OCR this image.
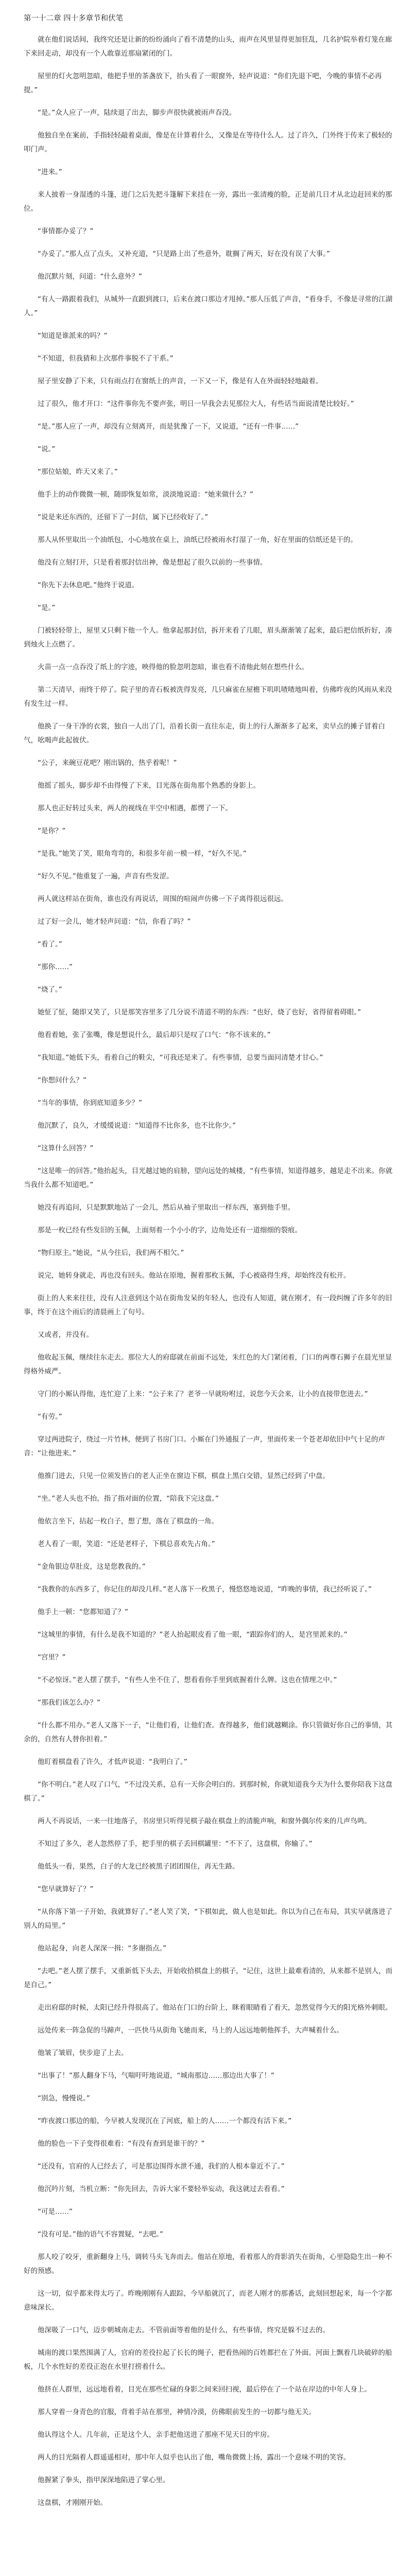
第一十二章 四十多章节和伏笔

就在他们说话间，我终究还是让新的纷纷涌向了看不清楚的山头，雨声在风里显得更加狂乱，几名护院举着灯笼在廊下来回走动，却没有一个人敢靠近那扇紧闭的门。

屋里的灯火忽明忽暗，他把手里的茶盏放下，抬头看了一眼窗外，轻声说道：“你们先退下吧，今晚的事情不必再提。”

“是。”众人应了一声，陆续退了出去，脚步声很快就被雨声吞没。

他独自坐在案前，手指轻轻敲着桌面，像是在计算着什么，又像是在等待什么人。过了许久，门外终于传来了极轻的叩门声。

“进来。”

来人披着一身湿透的斗篷，进门之后先把斗篷解下来挂在一旁，露出一张清瘦的脸，正是前几日才从北边赶回来的那位。

“事情都办妥了？”

“办妥了。”那人点了点头，又补充道，“只是路上出了些意外，耽搁了两天，好在没有误了大事。”

他沉默片刻，问道：“什么意外？”

“有人一路跟着我们，从城外一直跟到渡口，后来在渡口那边才甩掉。”那人压低了声音，“看身手，不像是寻常的江湖人。”

“知道是谁派来的吗？”

“不知道，但我猜和上次那件事脱不了干系。”

屋子里安静了下来，只有雨点打在窗纸上的声音，一下又一下，像是有人在外面轻轻地敲着。

过了很久，他才开口：“这件事你先不要声张，明日一早我会去见那位大人，有些话当面说清楚比较好。”

“是。”那人应了一声，却没有立刻离开，而是犹豫了一下，又说道，“还有一件事……”

“说。”

“那位姑娘，昨天又来了。”

他手上的动作微微一顿，随即恢复如常，淡淡地说道：“她来做什么？”

“说是来还东西的，还留下了一封信，属下已经收好了。”

那人从怀里取出一个油纸包，小心地放在桌上，油纸已经被雨水打湿了一角，好在里面的信纸还是干的。

他没有立刻打开，只是看着那封信出神，像是想起了很久以前的一些事情。

“你先下去休息吧。”他终于说道。

“是。”

门被轻轻带上，屋里又只剩下他一个人。他拿起那封信，拆开来看了几眼，眉头渐渐皱了起来，最后把信纸折好，凑到烛火上点燃了。

火苗一点一点吞没了纸上的字迹，映得他的脸忽明忽暗，谁也看不清他此刻在想些什么。

第二天清早，雨终于停了。院子里的青石板被洗得发亮，几只麻雀在屋檐下叽叽喳喳地叫着，仿佛昨夜的风雨从来没有发生过一样。

他换了一身干净的衣裳，独自一人出了门，沿着长街一直往东走，街上的行人渐渐多了起来，卖早点的摊子冒着白气，吆喝声此起彼伏。

“公子，来碗豆花吧？刚出锅的，热乎着呢！”

他摇了摇头，脚步却不由得慢了下来，目光落在街角那个熟悉的身影上。

那人也正好转过头来，两人的视线在半空中相遇，都愣了一下。

“是你？”

“是我。”她笑了笑，眼角弯弯的，和很多年前一模一样，“好久不见。”

“好久不见。”他重复了一遍，声音有些发涩。

两人就这样站在街角，谁也没有再说话，周围的喧闹声仿佛一下子离得很远很远。

过了好一会儿，她才轻声问道：“信，你看了吗？”

“看了。”

“那你……”

“烧了。”

她怔了怔，随即又笑了，只是那笑容里多了几分说不清道不明的东西：“也好，烧了也好，省得留着碍眼。”

他看着她，张了张嘴，像是想说什么，最后却只是叹了口气：“你不该来的。”

“我知道。”她低下头，看着自己的鞋尖，“可我还是来了。有些事情，总要当面问清楚才甘心。”

“你想问什么？”

“当年的事情，你到底知道多少？”

他沉默了，良久，才缓缓说道：“知道得不比你多，也不比你少。”

“这算什么回答？”

“这是唯一的回答。”他抬起头，目光越过她的肩膀，望向远处的城楼，“有些事情，知道得越多，越是走不出来。你就当我什么都不知道吧。”

她没有再追问，只是默默地站了一会儿，然后从袖子里取出一样东西，塞到他手里。

那是一枚已经有些发旧的玉佩，上面刻着一个小小的字，边角处还有一道细细的裂痕。

“物归原主。”她说，“从今往后，我们两不相欠。”

说完，她转身就走，再也没有回头。他站在原地，握着那枚玉佩，手心被硌得生疼，却始终没有松开。

街上的人来来往往，没有人注意到这个站在街角发呆的年轻人，也没有人知道，就在刚才，有一段纠缠了许多年的旧事，终于在这个雨后的清晨画上了句号。

又或者，并没有。

他收起玉佩，继续往东走去。那位大人的府邸就在前面不远处，朱红色的大门紧闭着，门口的两尊石狮子在晨光里显得格外威严。

守门的小厮认得他，连忙迎了上来：“公子来了？老爷一早就吩咐过，说您今天会来，让小的直接带您进去。”

“有劳。”

穿过两进院子，绕过一片竹林，便到了书房门口。小厮在门外通报了一声，里面传来一个苍老却依旧中气十足的声音：“让他进来。”

他推门进去，只见一位须发皆白的老人正坐在窗边下棋，棋盘上黑白交错，显然已经到了中盘。

“坐。”老人头也不抬，指了指对面的位置，“陪我下完这盘。”

他依言坐下，拈起一枚白子，想了想，落在了棋盘的一角。

老人看了一眼，笑道：“还是老样子，下棋总喜欢先占角。”

“金角银边草肚皮，这是您教我的。”

“我教你的东西多了，你记住的却没几样。”老人落下一枚黑子，慢悠悠地说道，“昨晚的事情，我已经听说了。”

他手上一顿：“您都知道了？”

“这城里的事情，有什么是我不知道的？”老人抬起眼皮看了他一眼，“跟踪你们的人，是宫里派来的。”

“宫里？”

“不必惊讶。”老人摆了摆手，“有些人坐不住了，想看看你手里到底握着什么牌。这也在情理之中。”

“那我们该怎么办？”

“什么都不用办。”老人又落下一子，“让他们看，让他们查。查得越多，他们就越糊涂。你只管做好你自己的事情，其余的，自然有人替你担着。”

他盯着棋盘看了许久，才低声说道：“我明白了。”

“你不明白。”老人叹了口气，“不过没关系，总有一天你会明白的。到那时候，你就知道我今天为什么要你陪我下这盘棋了。”

两人不再说话，一来一往地落子，书房里只听得见棋子敲在棋盘上的清脆声响，和窗外偶尔传来的几声鸟鸣。

不知过了多久，老人忽然停了手，把手里的棋子丢回棋罐里：“不下了，这盘棋，你输了。”

他低头一看，果然，白子的大龙已经被黑子团团围住，再无生路。

“您早就算好了？”

“从你落下第一子开始，我就算好了。”老人笑了笑，“下棋如此，做人也是如此。你以为自己在布局，其实早就落进了别人的局里。”

他站起身，向老人深深一揖：“多谢指点。”

“去吧。”老人摆了摆手，又重新低下头去，开始收拾棋盘上的棋子，“记住，这世上最难看清的，从来都不是别人，而是自己。”

走出府邸的时候，太阳已经升得很高了。他站在门口的台阶上，眯着眼睛看了看天，忽然觉得今天的阳光格外刺眼。

远处传来一阵急促的马蹄声，一匹快马从街角飞驰而来，马上的人远远地朝他挥手，大声喊着什么。

他皱了皱眉，快步迎了上去。

“出事了！”那人翻身下马，气喘吁吁地说道，“城南那边……那边出大事了！”

“别急，慢慢说。”

“昨夜渡口那边的船，今早被人发现沉在了河底，船上的人……一个都没有活下来。”

他的脸色一下子变得很难看：“有没有查到是谁干的？”

“还没有，官府的人已经去了，可是那边围得水泄不通，我们的人根本靠近不了。”

他沉吟片刻，当机立断：“你先回去，告诉大家不要轻举妄动，我这就过去看看。”

“可是……”

“没有可是。”他的语气不容置疑，“去吧。”

那人咬了咬牙，重新翻身上马，调转马头飞奔而去。他站在原地，看着那人的背影消失在街角，心里隐隐生出一种不好的预感。

这一切，似乎都来得太巧了。昨晚刚刚有人跟踪，今早船就沉了，而老人刚才的那番话，此刻回想起来，每一个字都意味深长。

他深吸了一口气，迈步朝城南走去。不管前面等着他的是什么，有些事情，终究是躲不过去的。

城南的渡口果然围满了人，官府的差役拉起了长长的绳子，把看热闹的百姓都拦在了外面。河面上飘着几块破碎的船板，几个水性好的差役正泡在水里打捞着什么。

他挤在人群里，远远地看着，目光在那些忙碌的身影之间来回扫视，最后停在了一个站在岸边的中年人身上。

那人穿着一身青色的官服，背着手站在那里，神情冷漠，仿佛眼前发生的一切都与他无关。

他认得这个人。几年前，正是这个人，亲手把他送进了那座不见天日的牢房。

两人的目光隔着人群遥遥相对，那中年人似乎也认出了他，嘴角微微上扬，露出一个意味不明的笑容。

他握紧了拳头，指甲深深地陷进了掌心里。

这盘棋，才刚刚开始。
